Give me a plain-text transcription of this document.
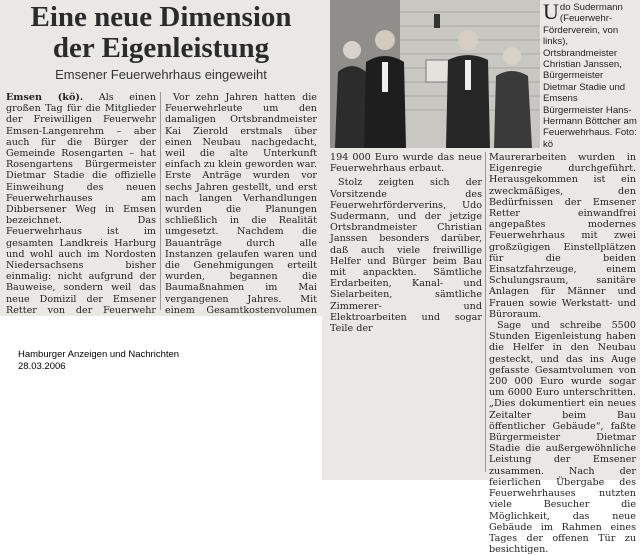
Eine neue Dimension
der Eigenleistung
Emsener Feuerwehrhaus eingeweiht

Emsen (kö). Als einen großen Tag für die Mitglieder der Freiwilligen Feuerwehr Emsen-Langenrehm – aber auch für die Bürger der Gemeinde Rosengarten – hat Rosengartens Bürgermeister Dietmar Stadie die offizielle Einweihung des neuen Feuerwehrhauses am Dibbersener Weg in Emsen bezeichnet. Das Feuerwehrhaus ist im gesamten Landkreis Harburg und wohl auch im Nordosten Niedersachsens bisher einmalig: nicht aufgrund der Bauweise, sondern weil das neue Domizil der Emsener Retter von der Feuerwehr

Vor zehn Jahren hatten die Feuerwehrleute um den damaligen Ortsbrandmeister Kai Zierold erstmals über einen Neubau nachgedacht, weil die alte Unterkunft einfach zu klein geworden war. Erste Anträge wurden vor sechs Jahren gestellt, und erst nach langen Verhandlungen wurden die Planungen schließlich in die Realität umgesetzt. Nachdem die Bauanträge durch alle Instanzen gelaufen waren und die Genehmigungen erteilt wurden, begannen die Baumaßnahmen im Mai vergangenen Jahres. Mit einem Gesamtkostenvolumen

Hamburger Anzeigen und Nachrichten
28.03.2006
Udo Sudermann (Feuerwehr-Förderverein, von links), Ortsbrandmeister Christian Janssen, Bürgermeister Dietmar Stadie und Emsens Bürgermeister Hans-Hermann Böttcher am Feuerwehrhaus. Foto: kö

194 000 Euro wurde das neue Feuerwehrhaus erbaut.

Stolz zeigten sich der Vorsitzende des Feuerwehrförderverins, Udo Sudermann, und der jetzige Ortsbrandmeister Christian Janssen besonders darüber, daß auch viele freiwillige Helfer und Bürger beim Bau mit anpackten. Sämtliche Erdarbeiten, Kanal- und Sielarbeiten, sämtliche Zimmerer- und Elektroarbeiten und sogar Teile der

Maurerarbeiten wurden in Eigenregie durchgeführt. Herausgekommen ist ein zweckmäßiges, den Bedürfnissen der Emsener Retter einwandfrei angepaßtes modernes Feuerwehrhaus mit zwei großzügigen Einstellplätzen für die beiden Einsatzfahrzeuge, einem Schulungsraum, sanitäre Anlagen für Männer und Frauen sowie Werkstatt- und Büroraum.

Sage und schreibe 5500 Stunden Eigenleistung haben die Helfer in den Neubau gesteckt, und das ins Auge gefasste Gesamtvolumen von 200 000 Euro wurde sogar um 6000 Euro unterschritten. „Dies dokumentiert ein neues Zeitalter beim Bau öffentlicher Gebäude“, faßte Bürgermeister Dietmar Stadie die außergewöhnliche Leistung der Emsener zusammen. Nach der feierlichen Übergabe des Feuerwehrhauses nutzten viele Besucher die Möglichkeit, das neue Gebäude im Rahmen eines Tages der offenen Tür zu besichtigen.
